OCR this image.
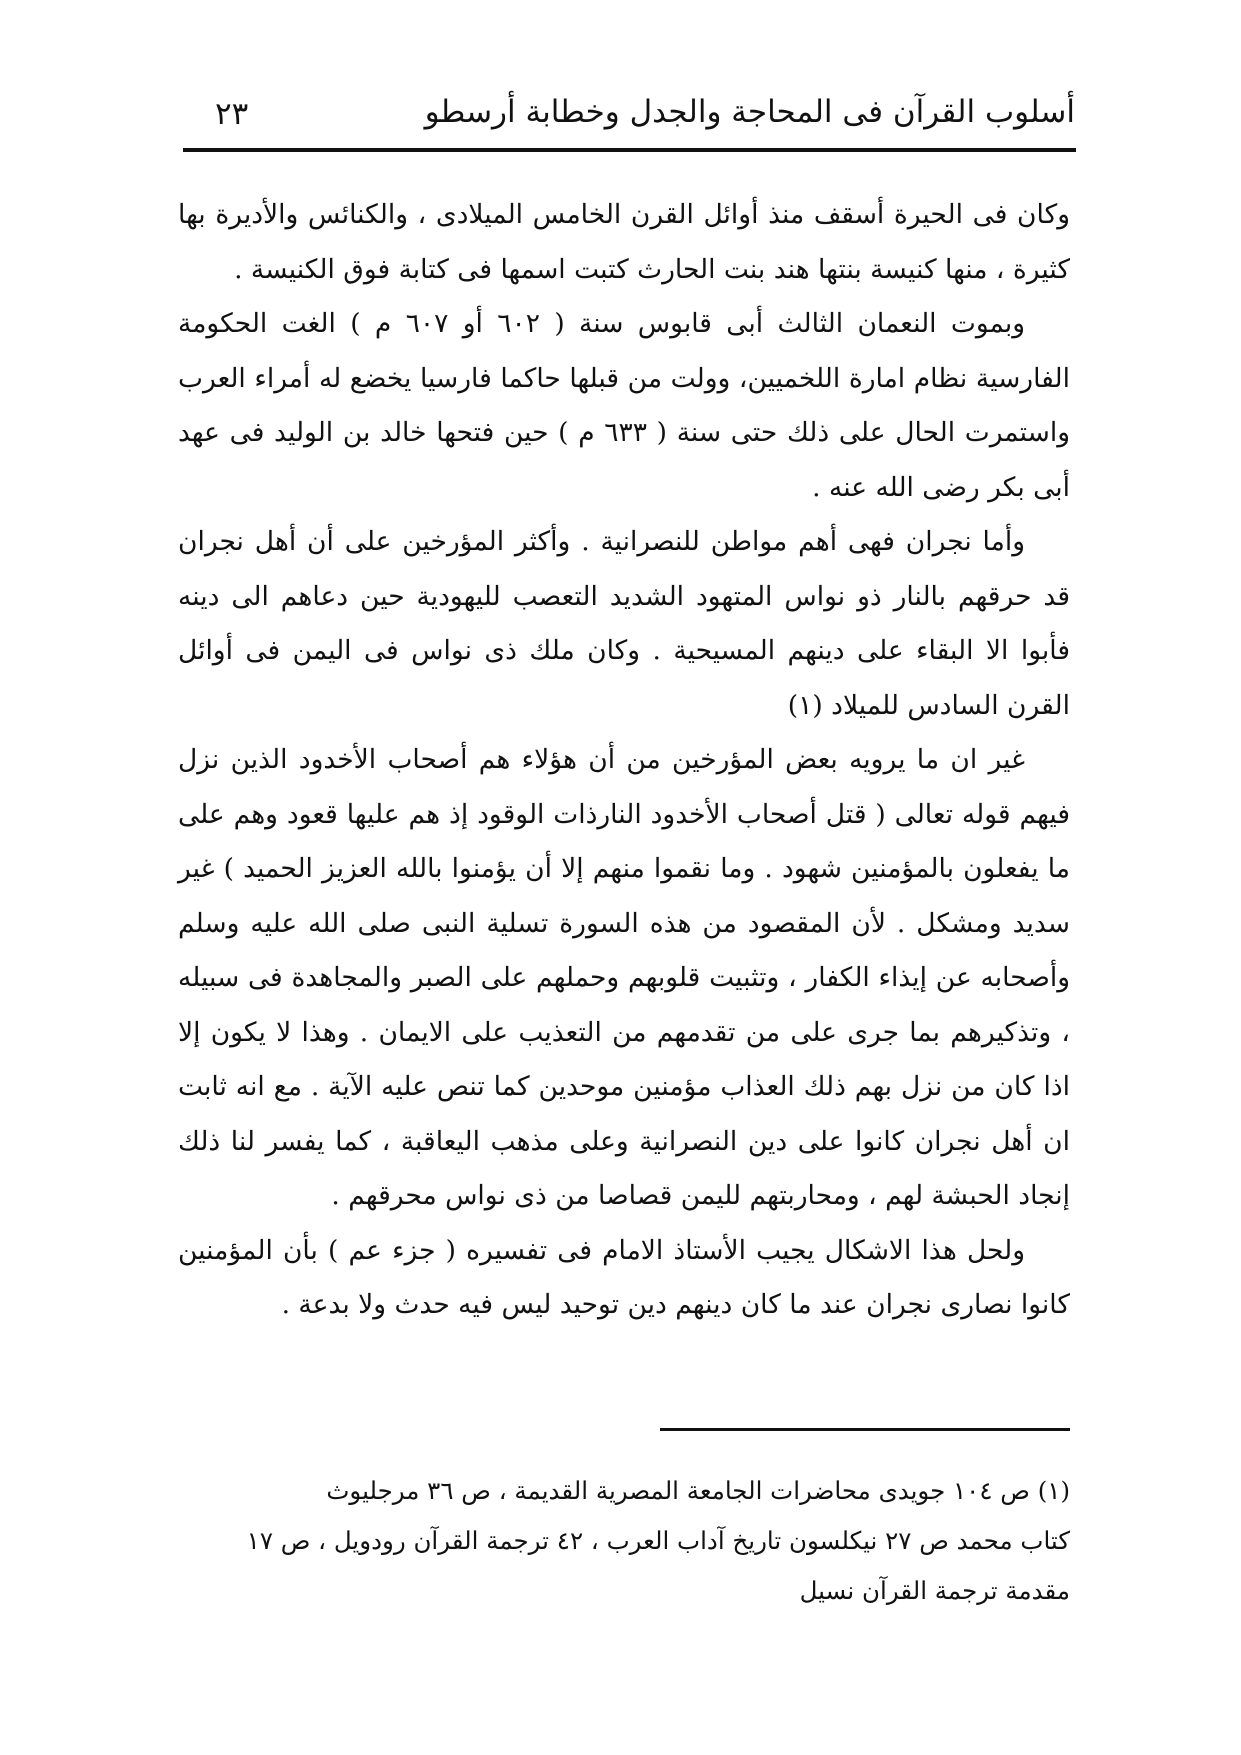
أسلوب القرآن فى المحاجة والجدل وخطابة أرسطو
٢٣

وكان فى الحيرة أسقف منذ أوائل القرن الخامس الميلادى ، والكنائس والأديرة بها كثيرة ، منها كنيسة بنتها هند بنت الحارث كتبت اسمها فى كتابة فوق الكنيسة .

وبموت النعمان الثالث أبى قابوس سنة ( ٦٠٢ أو ٦٠٧ م ) الغت الحكومة الفارسية نظام امارة اللخميين، وولت من قبلها حاكما فارسيا يخضع له أمراء العرب واستمرت الحال على ذلك حتى سنة ( ٦٣٣ م ) حين فتحها خالد بن الوليد فى عهد أبى بكر رضى الله عنه .

وأما نجران فهى أهم مواطن للنصرانية . وأكثر المؤرخين على أن أهل نجران قد حرقهم بالنار ذو نواس المتهود الشديد التعصب لليهودية حين دعاهم الى دينه فأبوا الا البقاء على دينهم المسيحية . وكان ملك ذى نواس فى اليمن فى أوائل القرن السادس للميلاد (١)

غير ان ما يرويه بعض المؤرخين من أن هؤلاء هم أصحاب الأخدود الذين نزل فيهم قوله تعالى ( قتل أصحاب الأخدود النارذات الوقود إذ هم عليها قعود وهم على ما يفعلون بالمؤمنين شهود . وما نقموا منهم إلا أن يؤمنوا بالله العزيز الحميد ) غير سديد ومشكل . لأن المقصود من هذه السورة تسلية النبى صلى الله عليه وسلم وأصحابه عن إيذاء الكفار ، وتثبيت قلوبهم وحملهم على الصبر والمجاهدة فى سبيله ، وتذكيرهم بما جرى على من تقدمهم من التعذيب على الايمان . وهذا لا يكون إلا اذا كان من نزل بهم ذلك العذاب مؤمنين موحدين كما تنص عليه الآية . مع انه ثابت ان أهل نجران كانوا على دين النصرانية وعلى مذهب اليعاقبة ، كما يفسر لنا ذلك إنجاد الحبشة لهم ، ومحاربتهم لليمن قصاصا من ذى نواس محرقهم .

ولحل هذا الاشكال يجيب الأستاذ الامام فى تفسيره ( جزء عم ) بأن المؤمنين كانوا نصارى نجران عند ما كان دينهم دين توحيد ليس فيه حدث ولا بدعة .

(١) ص ١٠٤ جويدى محاضرات الجامعة المصرية القديمة ، ص ٣٦ مرجليوث

كتاب محمد ص ٢٧ نيكلسون تاريخ آداب العرب ، ٤٢ ترجمة القرآن رودويل ، ص ١٧

مقدمة ترجمة القرآن نسيل
